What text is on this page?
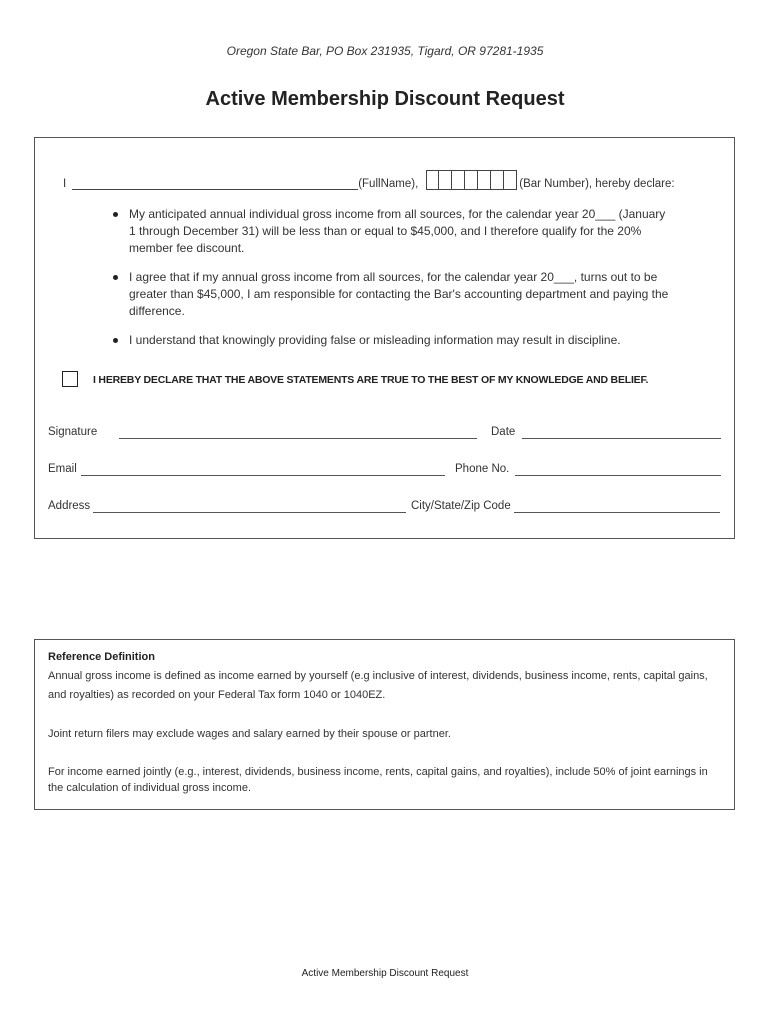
Oregon State Bar, PO Box 231935, Tigard, OR 97281-1935
Active Membership Discount Request
I	(FullName),	(Bar Number), hereby declare:
My anticipated annual individual gross income from all sources, for the calendar year 20___ (January 1 through December 31) will be less than or equal to $45,000, and I therefore qualify for the 20% member fee discount.
I agree that if my annual gross income from all sources, for the calendar year 20___, turns out to be greater than $45,000, I am responsible for contacting the Bar's accounting department and paying the difference.
I understand that knowingly providing false or misleading information may result in discipline.
I HEREBY DECLARE THAT THE ABOVE STATEMENTS ARE TRUE TO THE BEST OF MY KNOWLEDGE AND BELIEF.
Signature	Date
Email	Phone No.
Address	City/State/Zip Code
Reference Definition
Annual gross income is defined as income earned by yourself (e.g inclusive of interest, dividends, business income, rents, capital gains, and royalties) as recorded on your Federal Tax form 1040 or 1040EZ.
Joint return filers may exclude wages and salary earned by their spouse or partner.
For income earned jointly (e.g., interest, dividends, business income, rents, capital gains, and royalties), include 50% of joint earnings in the calculation of individual gross income.
Active Membership Discount Request
